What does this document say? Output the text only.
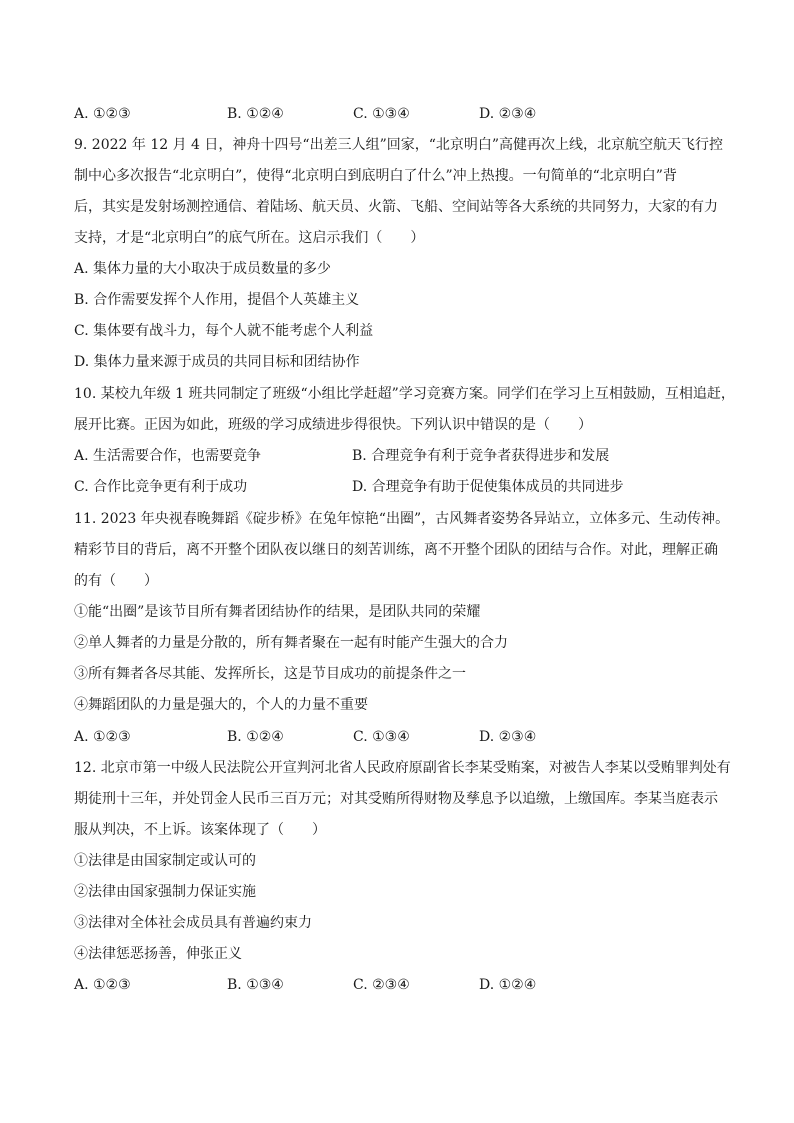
A. ①②③	B. ①②④	C. ①③④	D. ②③④
9. 2022 年 12 月 4 日，神舟十四号“出差三人组”回家，“北京明白”高健再次上线，北京航空航天飞行控
制中心多次报告“北京明白”，使得“北京明白到底明白了什么”冲上热搜。一句简单的“北京明白”背
后，其实是发射场测控通信、着陆场、航天员、火箭、飞船、空间站等各大系统的共同努力，大家的有力
支持，才是“北京明白”的底气所在。这启示我们（　　）
A. 集体力量的大小取决于成员数量的多少
B. 合作需要发挥个人作用，提倡个人英雄主义
C. 集体要有战斗力，每个人就不能考虑个人利益
D. 集体力量来源于成员的共同目标和团结协作
10. 某校九年级 1 班共同制定了班级“小组比学赶超”学习竞赛方案。同学们在学习上互相鼓励，互相追赶，
展开比赛。正因为如此，班级的学习成绩进步得很快。下列认识中错误的是（　　）
A. 生活需要合作，也需要竞争	B. 合理竞争有利于竞争者获得进步和发展
C. 合作比竞争更有利于成功	D. 合理竞争有助于促使集体成员的共同进步
11. 2023 年央视春晚舞蹈《碇步桥》在兔年惊艳“出圈”，古风舞者姿势各异站立，立体多元、生动传神。
精彩节目的背后，离不开整个团队夜以继日的刻苦训练，离不开整个团队的团结与合作。对此，理解正确
的有（　　）
①能“出圈”是该节目所有舞者团结协作的结果，是团队共同的荣耀
②单人舞者的力量是分散的，所有舞者聚在一起有时能产生强大的合力
③所有舞者各尽其能、发挥所长，这是节目成功的前提条件之一
④舞蹈团队的力量是强大的，个人的力量不重要
A. ①②③	B. ①②④	C. ①③④	D. ②③④
12. 北京市第一中级人民法院公开宣判河北省人民政府原副省长李某受贿案，对被告人李某以受贿罪判处有
期徒刑十三年，并处罚金人民币三百万元；对其受贿所得财物及孳息予以追缴，上缴国库。李某当庭表示
服从判决，不上诉。该案体现了（　　）
①法律是由国家制定或认可的
②法律由国家强制力保证实施
③法律对全体社会成员具有普遍约束力
④法律惩恶扬善，伸张正义
A. ①②③	B. ①③④	C. ②③④	D. ①②④
